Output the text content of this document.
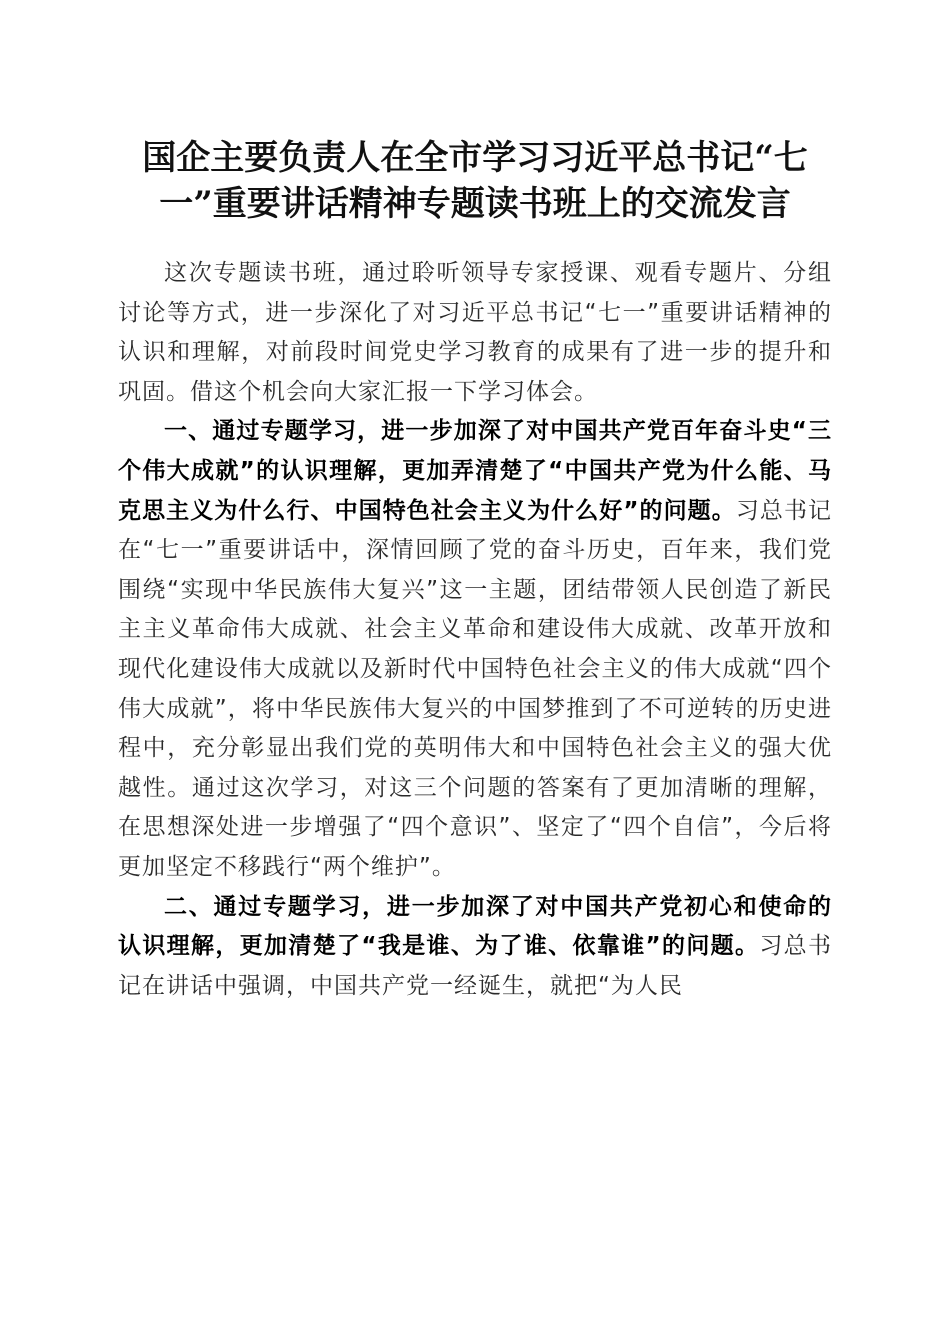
国企主要负责人在全市学习习近平总书记“七
一”重要讲话精神专题读书班上的交流发言

这次专题读书班，通过聆听领导专家授课、观看专题片、分组讨论等方式，进一步深化了对习近平总书记“七一”重要讲话精神的认识和理解，对前段时间党史学习教育的成果有了进一步的提升和巩固。借这个机会向大家汇报一下学习体会。

一、通过专题学习，进一步加深了对中国共产党百年奋斗史“三个伟大成就”的认识理解，更加弄清楚了“中国共产党为什么能、马克思主义为什么行、中国特色社会主义为什么好”的问题。习总书记在“七一”重要讲话中，深情回顾了党的奋斗历史，百年来，我们党围绕“实现中华民族伟大复兴”这一主题，团结带领人民创造了新民主主义革命伟大成就、社会主义革命和建设伟大成就、改革开放和现代化建设伟大成就以及新时代中国特色社会主义的伟大成就“四个伟大成就”，将中华民族伟大复兴的中国梦推到了不可逆转的历史进程中，充分彰显出我们党的英明伟大和中国特色社会主义的强大优越性。通过这次学习，对这三个问题的答案有了更加清晰的理解，在思想深处进一步增强了“四个意识”、坚定了“四个自信”，今后将更加坚定不移践行“两个维护”。

二、通过专题学习，进一步加深了对中国共产党初心和使命的认识理解，更加清楚了“我是谁、为了谁、依靠谁”的问题。习总书记在讲话中强调，中国共产党一经诞生，就把“为人民
